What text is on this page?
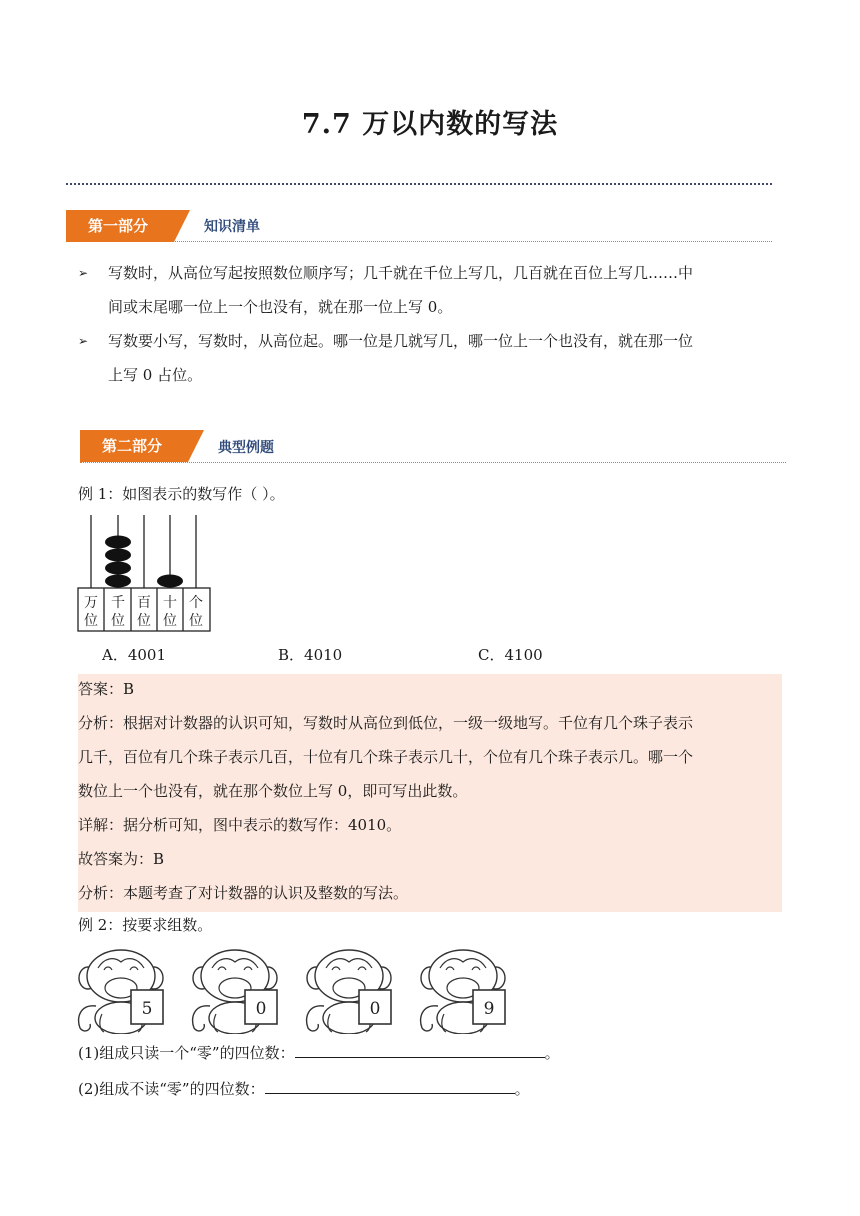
7.7 万以内数的写法
第一部分	知识清单
➢ 写数时，从高位写起按照数位顺序写；几千就在千位上写几，几百就在百位上写几……中
间或末尾哪一位上一个也没有，就在那一位上写 0。
➢ 写数要小写，写数时，从高位起。哪一位是几就写几，哪一位上一个也没有，就在那一位
上写 0 占位。
第二部分	典型例题
例 1：如图表示的数写作（ ）。
万
位
千
位
百
位
十
位
个
位
A．4001	B．4010	C．4100
答案：B
分析：根据对计数器的认识可知，写数时从高位到低位，一级一级地写。千位有几个珠子表示
几千，百位有几个珠子表示几百，十位有几个珠子表示几十，个位有几个珠子表示几。哪一个
数位上一个也没有，就在那个数位上写 0，即可写出此数。
详解：据分析可知，图中表示的数写作：4010。
故答案为：B
分析：本题考查了对计数器的认识及整数的写法。
例 2：按要求组数。
5	0	0	9
(1)组成只读一个“零”的四位数：	。
(2)组成不读“零”的四位数：	。
